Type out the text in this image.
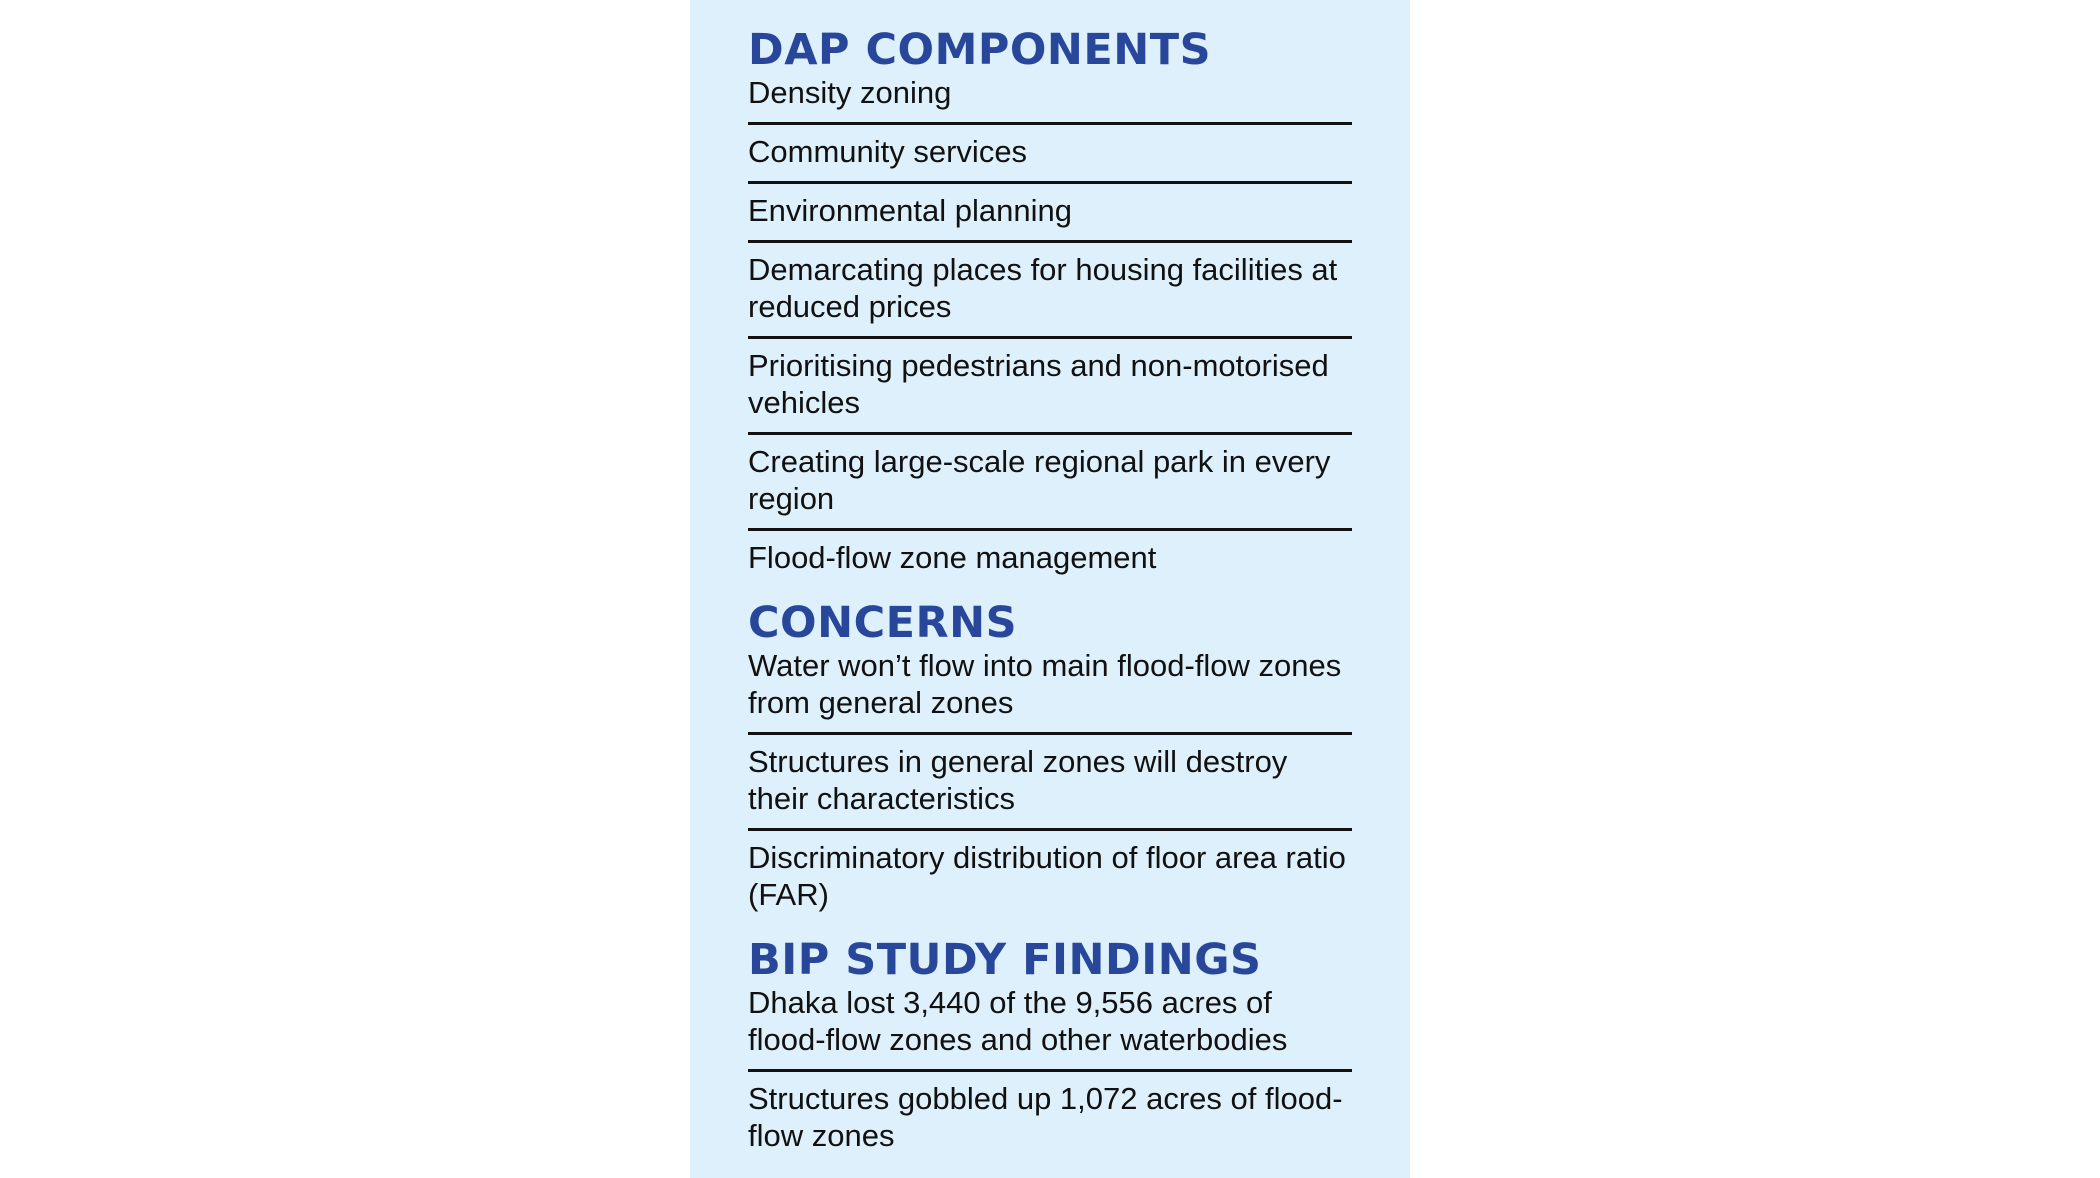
DAP COMPONENTS
Density zoning
Community services
Environmental planning
Demarcating places for housing facilities at reduced prices
Prioritising pedestrians and non-motorised vehicles
Creating large-scale regional park in every region
Flood-flow zone management
CONCERNS
Water won’t flow into main flood-flow zones from general zones
Structures in general zones will destroy their characteristics
Discriminatory distribution of floor area ratio (FAR)
BIP STUDY FINDINGS
Dhaka lost 3,440 of the 9,556 acres of flood-flow zones and other waterbodies
Structures gobbled up 1,072 acres of flood-flow zones
